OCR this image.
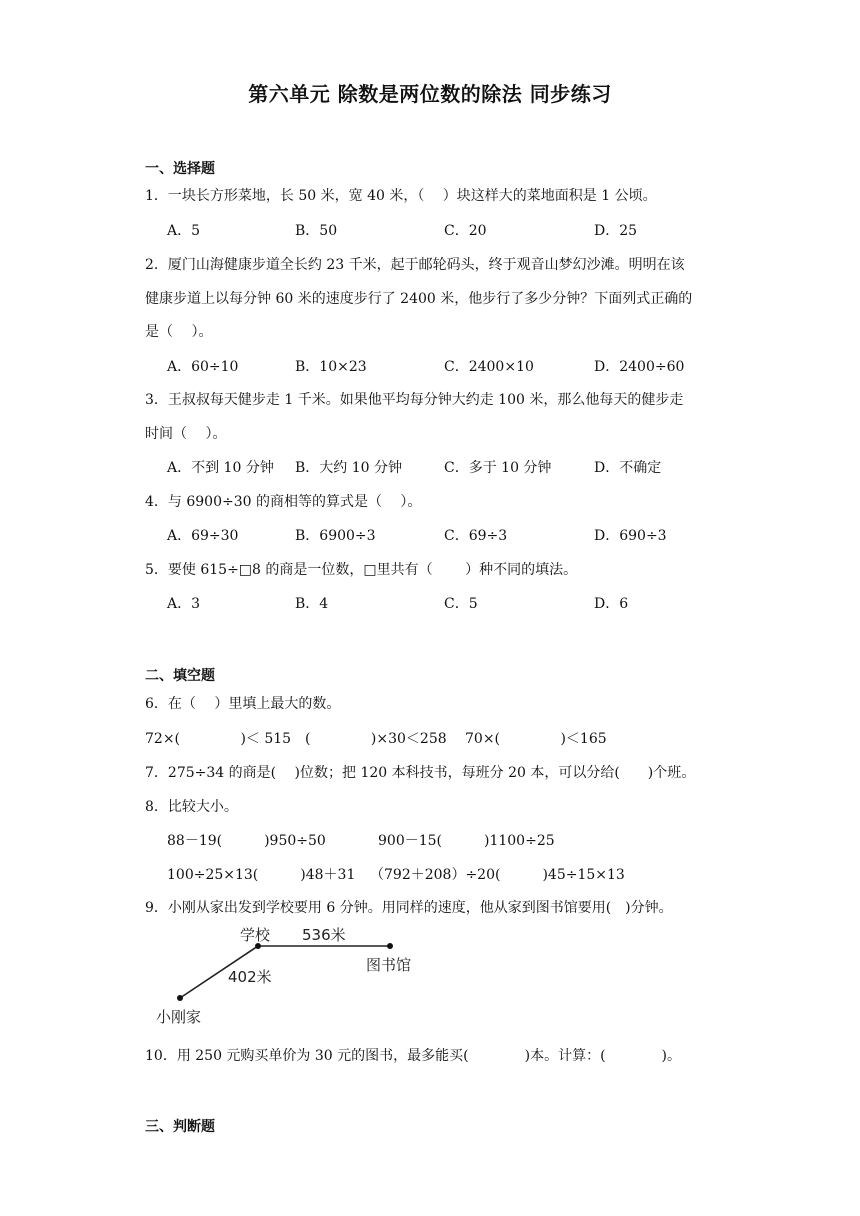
第六单元 除数是两位数的除法 同步练习
一、选择题
1．一块长方形菜地，长 50 米，宽 40 米，（　 ）块这样大的菜地面积是 1 公顷。
A．5	B．50	C．20	D．25
2．厦门山海健康步道全长约 23 千米，起于邮轮码头，终于观音山梦幻沙滩。明明在该
健康步道上以每分钟 60 米的速度步行了 2400 米，他步行了多少分钟？下面列式正确的
是（　 ）。
A．60÷10	B．10×23	C．2400×10	D．2400÷60
3．王叔叔每天健步走 1 千米。如果他平均每分钟大约走 100 米，那么他每天的健步走
时间（　 ）。
A．不到 10 分钟 B．大约 10 分钟	C．多于 10 分钟	D．不确定
4．与 6900÷30 的商相等的算式是（　 ）。
A．69÷30	B．6900÷3	C．69÷3	D．690÷3
5．要使 615÷□8 的商是一位数，□里共有（　　 ）种不同的填法。
A．3	B．4	C．5	D．6
二、填空题
6．在（　 ）里填上最大的数。
72×(　　　　 )＜ 515 (　　　　 )×30＜258 70×(　　　　 )＜165
7．275÷34 的商是(　 )位数；把 120 本科技书，每班分 20 本，可以分给(　　)个班。
8．比较大小。
88－19(　　　)950÷50	900－15(　　　)1100÷25
100÷25×13(　　　)48＋31 （792＋208）÷20(　　　)45÷15×13
9．小刚从家出发到学校要用 6 分钟。用同样的速度，他从家到图书馆要用(　)分钟。
学校 536米
图书馆
402米
小刚家
10．用 250 元购买单价为 30 元的图书，最多能买(　　　　)本。计算：(　　　　)。
三、判断题
